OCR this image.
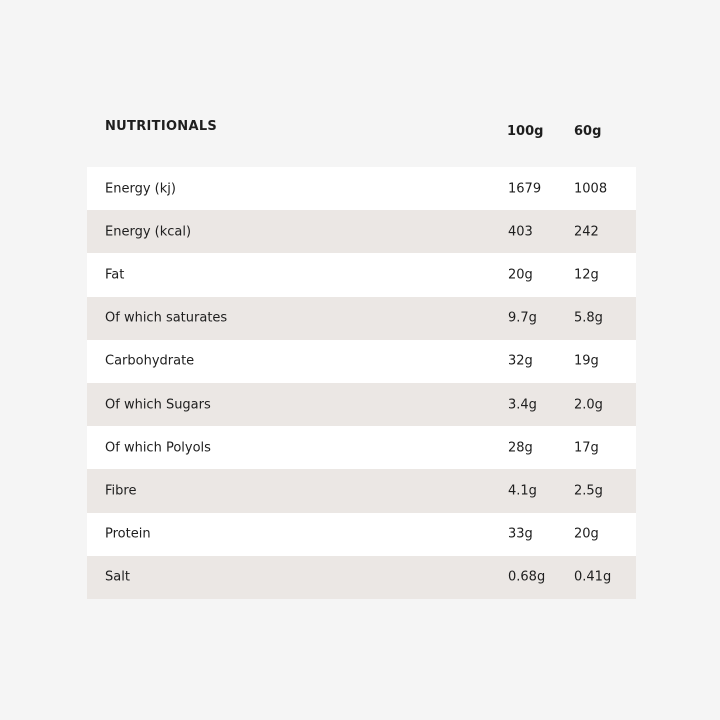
NUTRITIONALS	100g 60g
Energy (kj)	1679	1008
Energy (kcal)	403	242
Fat	20g	12g
Of which saturates	9.7g	5.8g
Carbohydrate	32g	19g
Of which Sugars	3.4g	2.0g
Of which Polyols	28g	17g
Fibre	4.1g	2.5g
Protein	33g	20g
Salt	0.68g 0.41g
